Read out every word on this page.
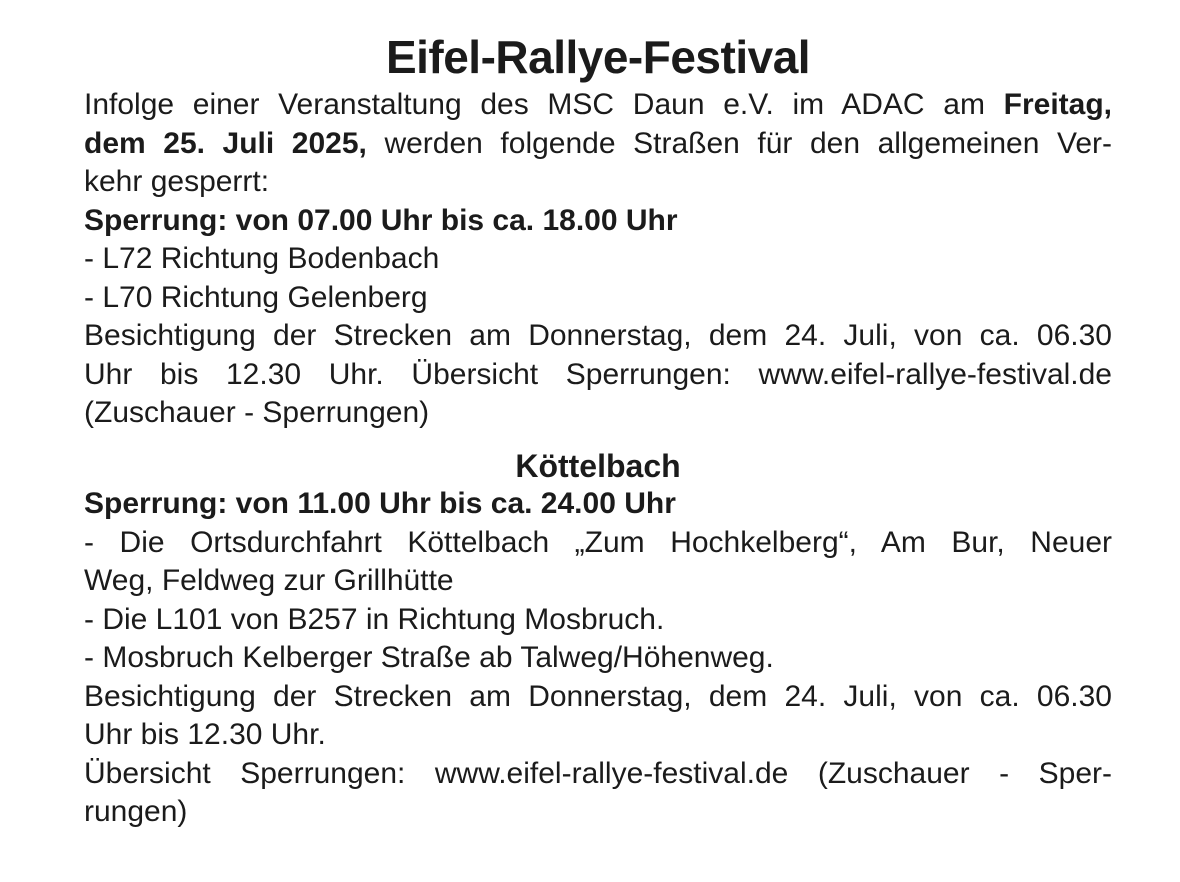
Eifel-Rallye-Festival

Infolge einer Veranstaltung des MSC Daun e.V. im ADAC am Freitag,

dem 25. Juli 2025, werden folgende Straßen für den allgemeinen Ver-

kehr gesperrt:

Sperrung: von 07.00 Uhr bis ca. 18.00 Uhr

- L72 Richtung Bodenbach

- L70 Richtung Gelenberg

Besichtigung der Strecken am Donnerstag, dem 24. Juli, von ca. 06.30

Uhr bis 12.30 Uhr. Übersicht Sperrungen: www.eifel-rallye-festival.de

(Zuschauer - Sperrungen)

Köttelbach

Sperrung: von 11.00 Uhr bis ca. 24.00 Uhr

- Die Ortsdurchfahrt Köttelbach „Zum Hochkelberg“, Am Bur, Neuer

Weg, Feldweg zur Grillhütte

- Die L101 von B257 in Richtung Mosbruch.

- Mosbruch Kelberger Straße ab Talweg/Höhenweg.

Besichtigung der Strecken am Donnerstag, dem 24. Juli, von ca. 06.30

Uhr bis 12.30 Uhr.

Übersicht Sperrungen: www.eifel-rallye-festival.de (Zuschauer - Sper-

rungen)
